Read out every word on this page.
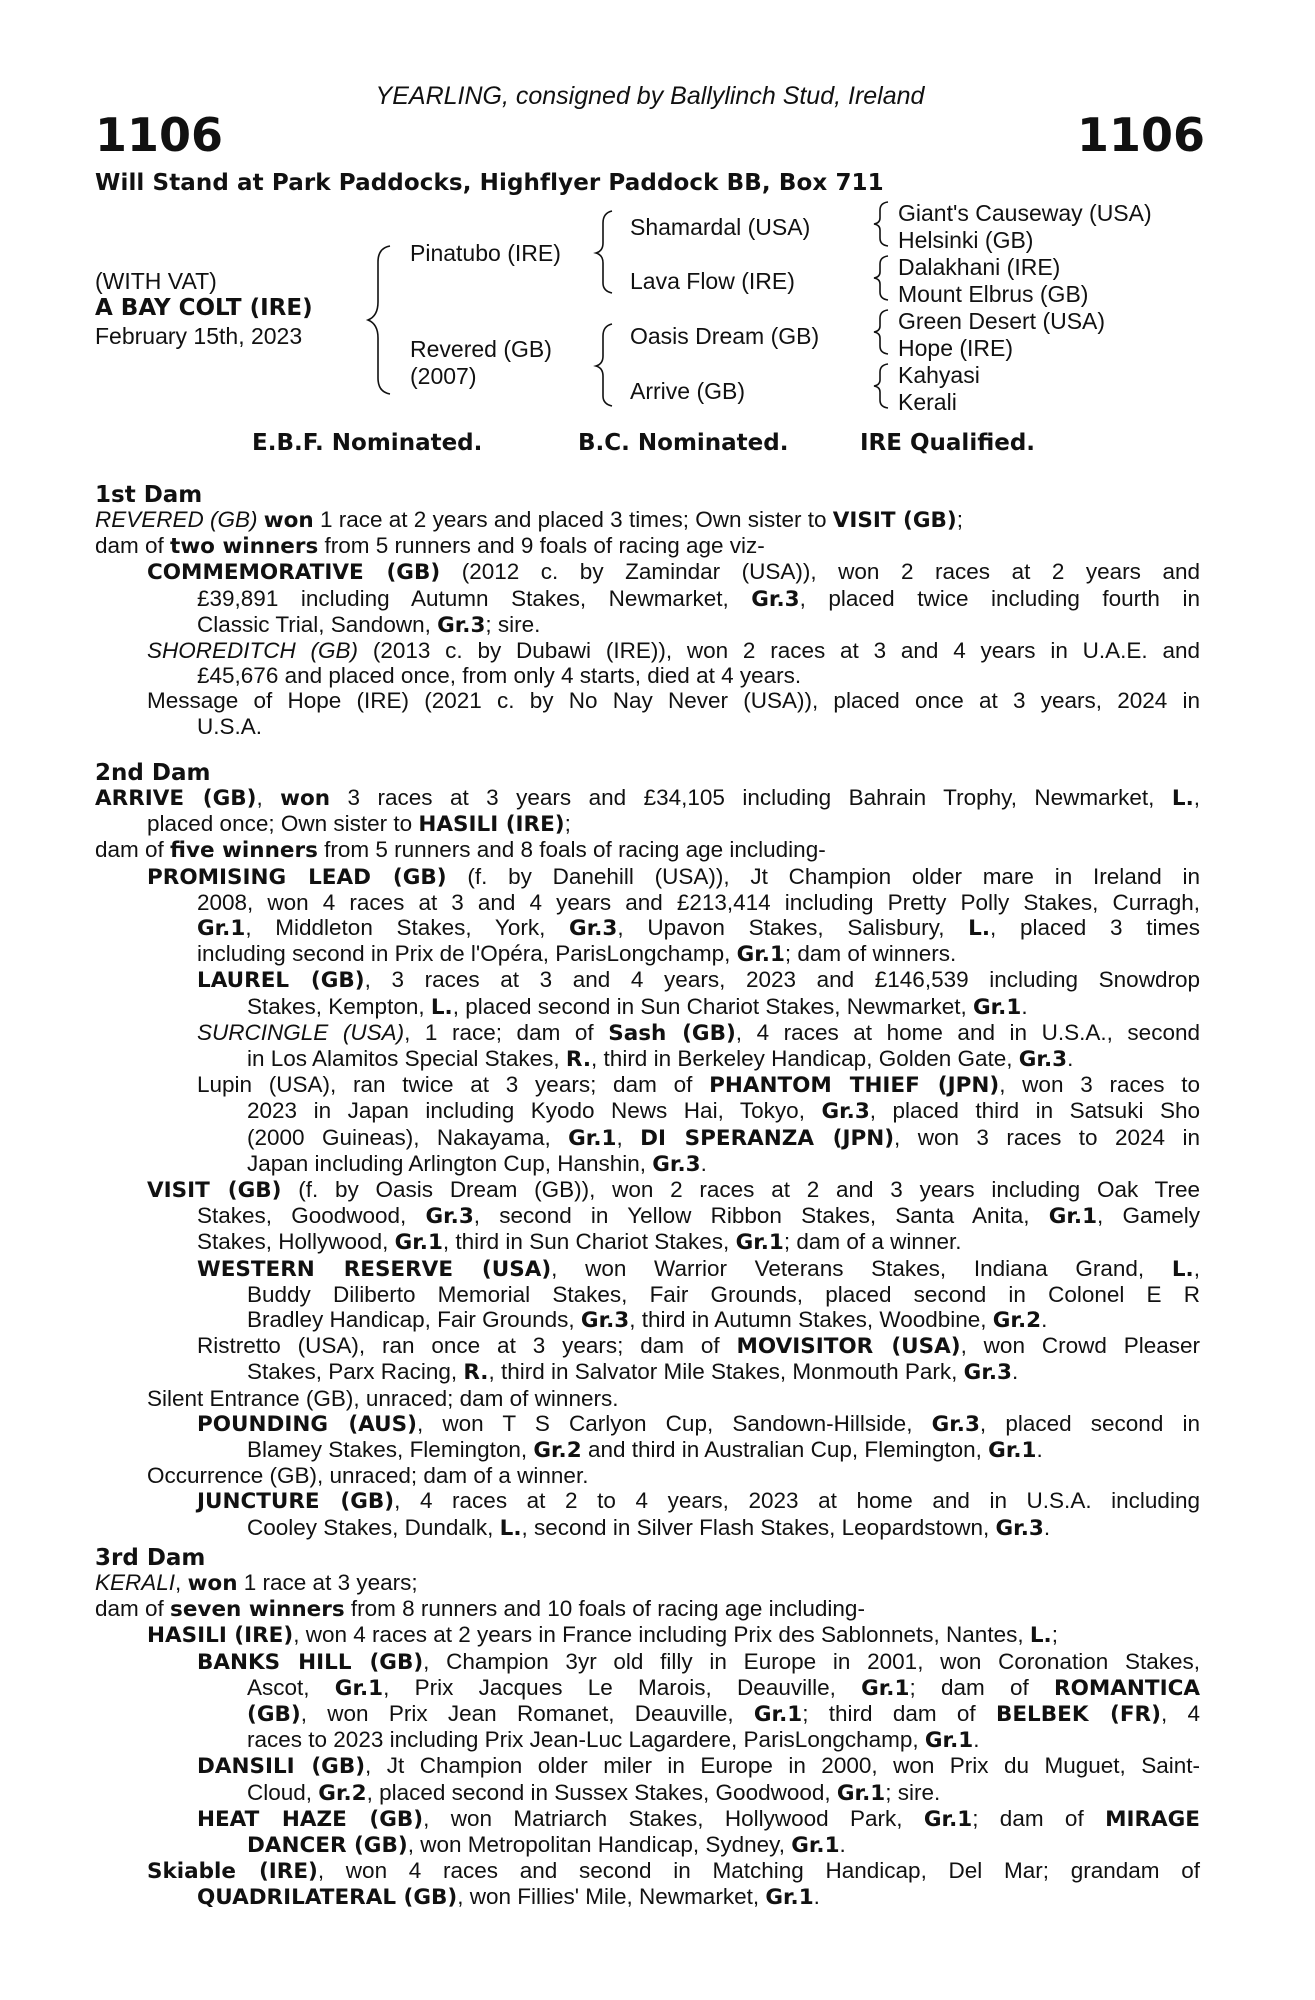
YEARLING, consigned by Ballylinch Stud, Ireland
1106	1106
Will Stand at Park Paddocks, Highflyer Paddock BB, Box 711
(WITH VAT)
A BAY COLT (IRE)
February 15th, 2023
Pinatubo (IRE)
Revered (GB)
(2007)
Shamardal (USA)
Lava Flow (IRE)
Oasis Dream (GB)
Arrive (GB)
Giant's Causeway (USA)
Helsinki (GB)
Dalakhani (IRE)
Mount Elbrus (GB)
Green Desert (USA)
Hope (IRE)
Kahyasi
Kerali
E.B.F. Nominated.	B.C. Nominated.	IRE Qualified.
1st Dam
REVERED (GB) won 1 race at 2 years and placed 3 times; Own sister to VISIT (GB);
dam of two winners from 5 runners and 9 foals of racing age viz-
COMMEMORATIVE (GB) (2012 c. by Zamindar (USA)), won 2 races at 2 years and
£39,891 including Autumn Stakes, Newmarket, Gr.3, placed twice including fourth in
Classic Trial, Sandown, Gr.3; sire.
SHOREDITCH (GB) (2013 c. by Dubawi (IRE)), won 2 races at 3 and 4 years in U.A.E. and
£45,676 and placed once, from only 4 starts, died at 4 years.
Message of Hope (IRE) (2021 c. by No Nay Never (USA)), placed once at 3 years, 2024 in
U.S.A.
2nd Dam
ARRIVE (GB), won 3 races at 3 years and £34,105 including Bahrain Trophy, Newmarket, L.,
placed once; Own sister to HASILI (IRE);
dam of five winners from 5 runners and 8 foals of racing age including-
PROMISING LEAD (GB) (f. by Danehill (USA)), Jt Champion older mare in Ireland in
2008, won 4 races at 3 and 4 years and £213,414 including Pretty Polly Stakes, Curragh,
Gr.1, Middleton Stakes, York, Gr.3, Upavon Stakes, Salisbury, L., placed 3 times
including second in Prix de l'Opéra, ParisLongchamp, Gr.1; dam of winners.
LAUREL (GB), 3 races at 3 and 4 years, 2023 and £146,539 including Snowdrop
Stakes, Kempton, L., placed second in Sun Chariot Stakes, Newmarket, Gr.1.
SURCINGLE (USA), 1 race; dam of Sash (GB), 4 races at home and in U.S.A., second
in Los Alamitos Special Stakes, R., third in Berkeley Handicap, Golden Gate, Gr.3.
Lupin (USA), ran twice at 3 years; dam of PHANTOM THIEF (JPN), won 3 races to
2023 in Japan including Kyodo News Hai, Tokyo, Gr.3, placed third in Satsuki Sho
(2000 Guineas), Nakayama, Gr.1, DI SPERANZA (JPN), won 3 races to 2024 in
Japan including Arlington Cup, Hanshin, Gr.3.
VISIT (GB) (f. by Oasis Dream (GB)), won 2 races at 2 and 3 years including Oak Tree
Stakes, Goodwood, Gr.3, second in Yellow Ribbon Stakes, Santa Anita, Gr.1, Gamely
Stakes, Hollywood, Gr.1, third in Sun Chariot Stakes, Gr.1; dam of a winner.
WESTERN RESERVE (USA), won Warrior Veterans Stakes, Indiana Grand, L.,
Buddy Diliberto Memorial Stakes, Fair Grounds, placed second in Colonel E R
Bradley Handicap, Fair Grounds, Gr.3, third in Autumn Stakes, Woodbine, Gr.2.
Ristretto (USA), ran once at 3 years; dam of MOVISITOR (USA), won Crowd Pleaser
Stakes, Parx Racing, R., third in Salvator Mile Stakes, Monmouth Park, Gr.3.
Silent Entrance (GB), unraced; dam of winners.
POUNDING (AUS), won T S Carlyon Cup, Sandown-Hillside, Gr.3, placed second in
Blamey Stakes, Flemington, Gr.2 and third in Australian Cup, Flemington, Gr.1.
Occurrence (GB), unraced; dam of a winner.
JUNCTURE (GB), 4 races at 2 to 4 years, 2023 at home and in U.S.A. including
Cooley Stakes, Dundalk, L., second in Silver Flash Stakes, Leopardstown, Gr.3.
3rd Dam
KERALI, won 1 race at 3 years;
dam of seven winners from 8 runners and 10 foals of racing age including-
HASILI (IRE), won 4 races at 2 years in France including Prix des Sablonnets, Nantes, L.;
BANKS HILL (GB), Champion 3yr old filly in Europe in 2001, won Coronation Stakes,
Ascot, Gr.1, Prix Jacques Le Marois, Deauville, Gr.1; dam of ROMANTICA
(GB), won Prix Jean Romanet, Deauville, Gr.1; third dam of BELBEK (FR), 4
races to 2023 including Prix Jean-Luc Lagardere, ParisLongchamp, Gr.1.
DANSILI (GB), Jt Champion older miler in Europe in 2000, won Prix du Muguet, Saint-
Cloud, Gr.2, placed second in Sussex Stakes, Goodwood, Gr.1; sire.
HEAT HAZE (GB), won Matriarch Stakes, Hollywood Park, Gr.1; dam of MIRAGE
DANCER (GB), won Metropolitan Handicap, Sydney, Gr.1.
Skiable (IRE), won 4 races and second in Matching Handicap, Del Mar; grandam of
QUADRILATERAL (GB), won Fillies' Mile, Newmarket, Gr.1.
